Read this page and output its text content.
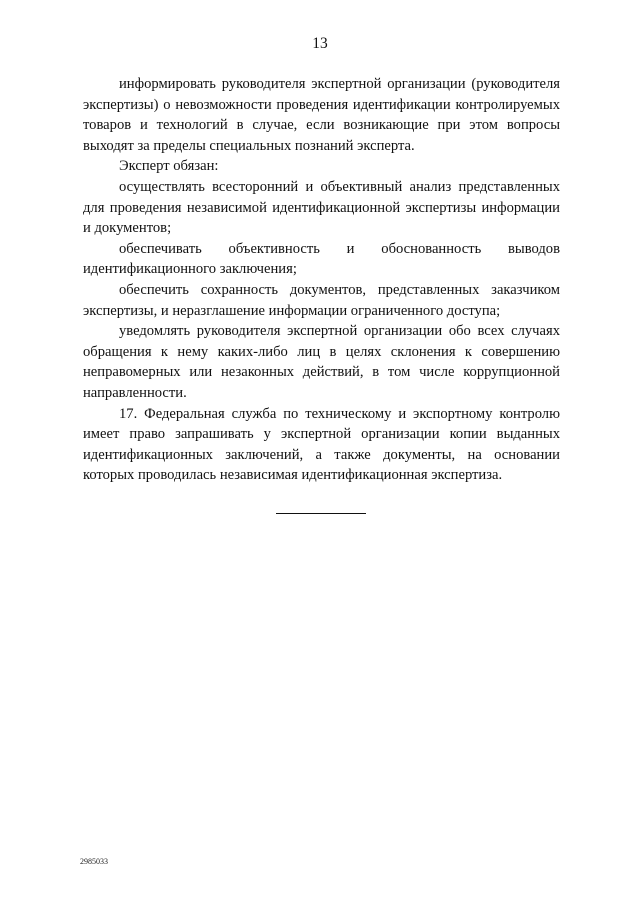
13

информировать руководителя экспертной организации (руководителя экспертизы) о невозможности проведения идентификации контролируемых товаров и технологий в случае, если возникающие при этом вопросы выходят за пределы специальных познаний эксперта.

Эксперт обязан:

осуществлять всесторонний и объективный анализ представленных для проведения независимой идентификационной экспертизы информации и документов;

обеспечивать объективность и обоснованность выводов идентификационного заключения;

обеспечить сохранность документов, представленных заказчиком экспертизы, и неразглашение информации ограниченного доступа;

уведомлять руководителя экспертной организации обо всех случаях обращения к нему каких-либо лиц в целях склонения к совершению неправомерных или незаконных действий, в том числе коррупционной направленности.

17. Федеральная служба по техническому и экспортному контролю имеет право запрашивать у экспертной организации копии выданных идентификационных заключений, а также документы, на основании которых проводилась независимая идентификационная экспертиза.

2985033
